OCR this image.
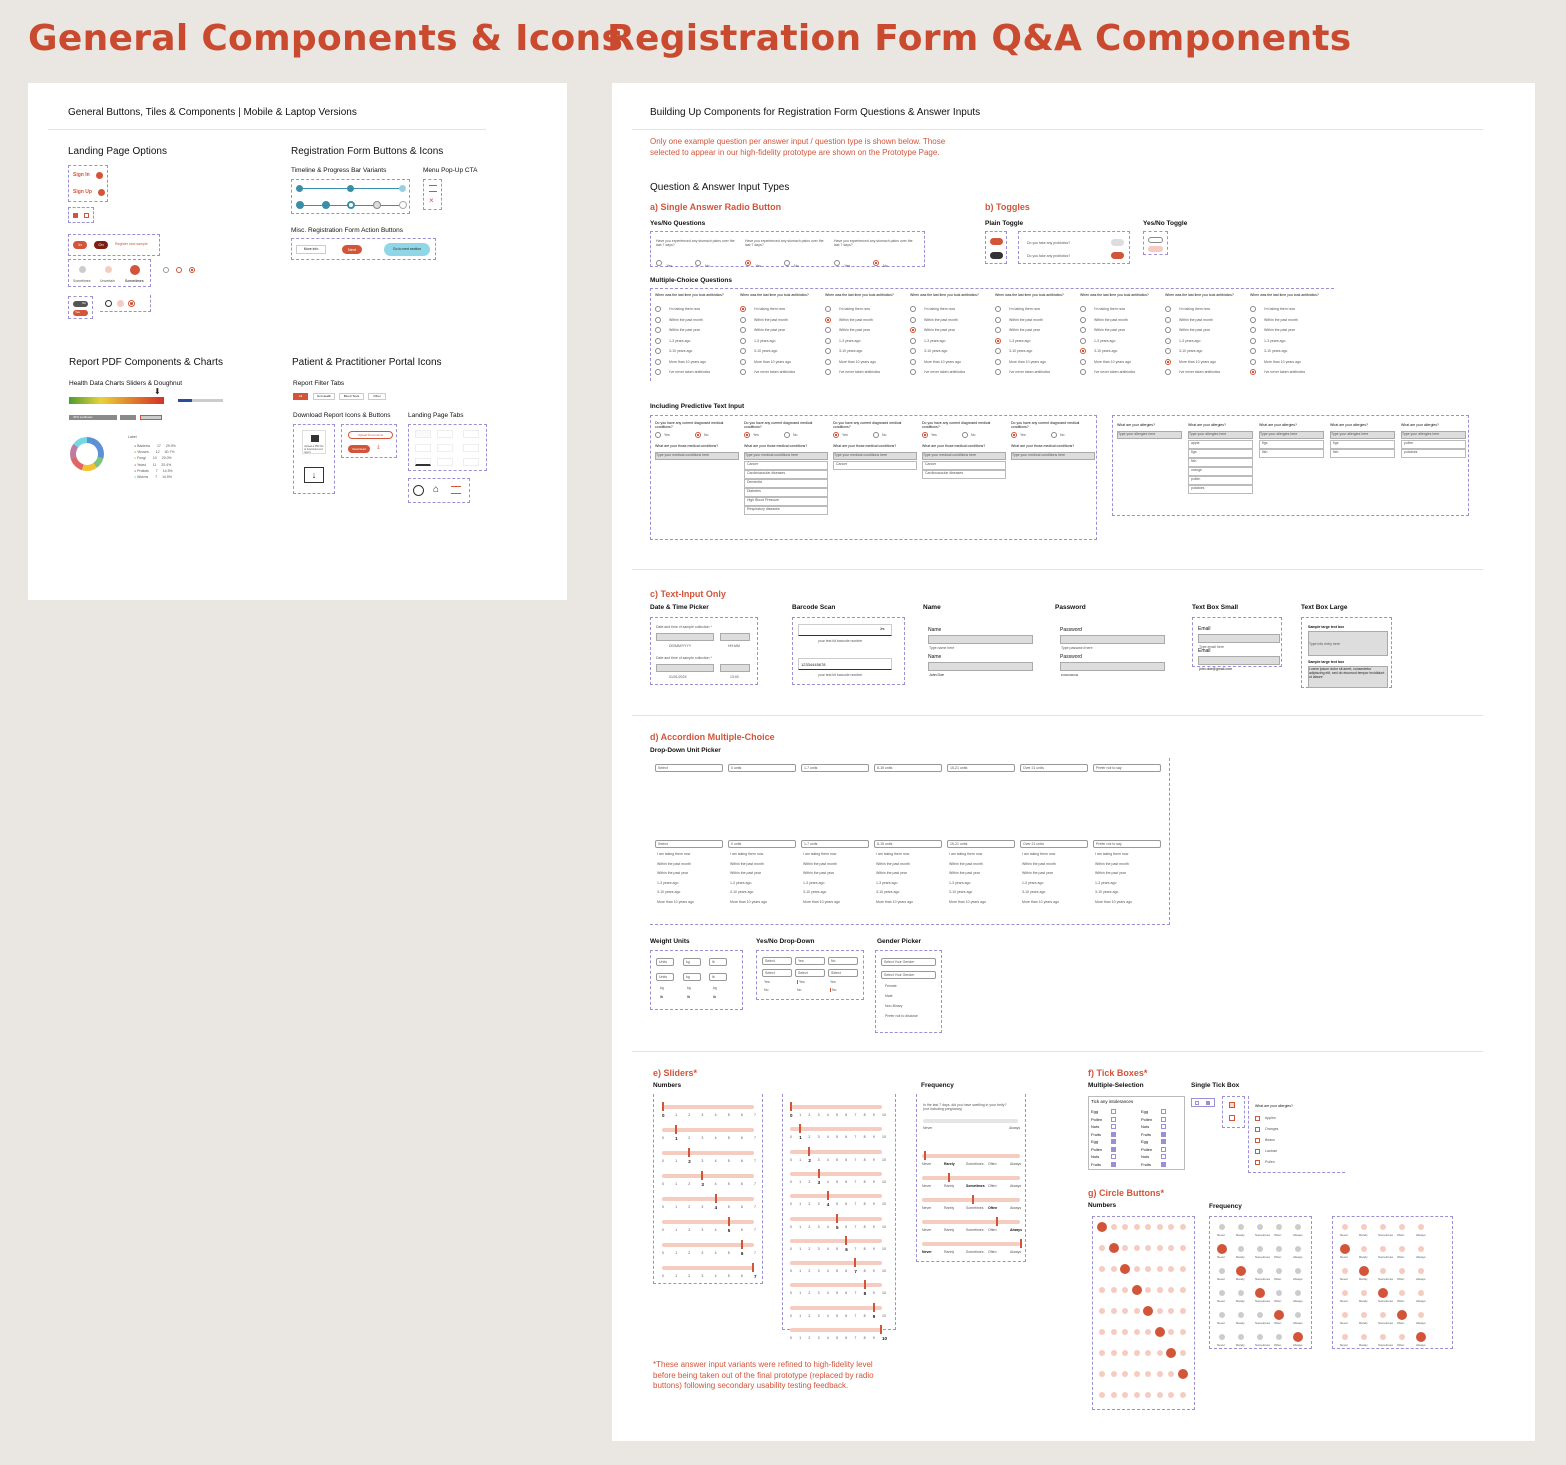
General Components & Icons
Registration Form Q&A Components
General Buttons, Tiles & Components | Mobile & Laptop Versions
Landing Page Options
Sign In
Sign Up
In	On	Register new sample
Sometimes	Uncertain	Sometimes
No
Yes
Registration Form Buttons & Icons
Timeline & Progress Bar Variants	Menu Pop-Up CTA
×
Misc. Registration Form Action Buttons
More info	Next	Go to next section
Report PDF Components & Charts
Health Data Charts Sliders & Doughnut
⬇
40% sunflower
Label
● Bacteria 17 29.0%
● Viruses 12 40.7%
● Fungi 10 20.0%
● Yeast 11 20.4%
● Protists 7 14.5%
● Worms 7 14.5%
Patient & Practitioner Portal Icons
Report Filter Tabs
All	Gut Health	Blood Tests	Other
Download Report Icons & Buttons	Landing Page Tabs
Upload a PDF file to download your report
↓
Upload Documents
Download	⤓
⌂
Building Up Components for Registration Form Questions & Answer Inputs
Only one example question per answer input / question type is shown below. Those selected to appear in our high-fidelity prototype are shown on the Prototype Page.
Question & Answer Input Types
a) Single Answer Radio Button
Yes/No Questions
Have you experienced any stomach pains over the last 7 days?
Yes	No
Have you experienced any stomach pains over the last 7 days?
Yes	No
Have you experienced any stomach pains over the last 7 days?
Yes	No
b) Toggles
Plain Toggle	Yes/No Toggle
Do you take any probiotics?
Do you take any probiotics?
Multiple-Choice Questions
Including Predictive Text Input
c) Text-Input Only
Date & Time Picker	Barcode Scan	Name	Password	Text Box Small	Text Box Large
Date and time of sample collection *
DD/MM/YYYY	HH:MM
Date and time of sample collection *
01/01/2024	13:00
✂
your test kit barcode number
12334445678
your test kit barcode number
Name
Type name here
Name
John Doe
Password
Type password here
Password
••••••••••••••
Email
Type email here
Email
john.doe@gmail.com
Sample large text box
Type info entry here
Sample large text box
Lorem ipsum dolor sit amet, consectetur adipiscing elit, sed do eiusmod tempor incididunt ut labore
d) Accordion Multiple-Choice
Drop-Down Unit Picker
Weight Units	Yes/No Drop-Down	Gender Picker
Units	kg	lb
Units	kg	lb
kg	kg	kg
lb	lb	lb
Select	Yes	No
Select	Select	Select
Yes	Yes	Yes
No	No	No
Select Your Gender
Select Your Gender
Female
Male
Non-Binary
Prefer not to disclose
e) Sliders*
Numbers	Frequency
In the last 7 days, did you have swelling in your belly? (not including pregnancy)
Never	Always
*These answer input variants were refined to high-fidelity level before being taken out of the final prototype (replaced by radio buttons) following secondary usability testing feedback.
f) Tick Boxes*
Multiple-Selection	Single Tick Box
Tick any intolerances
Egg
Pollen
Nuts
Fruits
Egg
Pollen
Nuts
Fruits
Egg
Pollen
Nuts
Fruits
Egg
Pollen
Nuts
Fruits
What are your allergies?
Apples
Oranges
Beans
Lactose
Pollen
g) Circle Buttons*
Numbers	Frequency
When was the last time you took antibiotics?
I'm taking them now
Within the past month
Within the past year
1-3 years ago
3-10 years ago
More than 10 years ago
I've never taken antibiotics
When was the last time you took antibiotics?
I'm taking them now
Within the past month
Within the past year
1-3 years ago
3-10 years ago
More than 10 years ago
I've never taken antibiotics
When was the last time you took antibiotics?
I'm taking them now
Within the past month
Within the past year
1-3 years ago
3-10 years ago
More than 10 years ago
I've never taken antibiotics
When was the last time you took antibiotics?
I'm taking them now
Within the past month
Within the past year
1-3 years ago
3-10 years ago
More than 10 years ago
I've never taken antibiotics
When was the last time you took antibiotics?
I'm taking them now
Within the past month
Within the past year
1-3 years ago
3-10 years ago
More than 10 years ago
I've never taken antibiotics
When was the last time you took antibiotics?
I'm taking them now
Within the past month
Within the past year
1-3 years ago
3-10 years ago
More than 10 years ago
I've never taken antibiotics
When was the last time you took antibiotics?
I'm taking them now
Within the past month
Within the past year
1-3 years ago
3-10 years ago
More than 10 years ago
I've never taken antibiotics
When was the last time you took antibiotics?
I'm taking them now
Within the past month
Within the past year
1-3 years ago
3-10 years ago
More than 10 years ago
I've never taken antibiotics
Do you have any current diagnosed medical conditions?
Yes	No
What are your those medical conditions?
Type your medical conditions here
Do you have any current diagnosed medical conditions?
Yes	No
What are your those medical conditions?
Type your medical conditions here
Cancer
Cardiovascular diseases
Dementia
Diabetes
High Blood Pressure
Respiratory diseases
Do you have any current diagnosed medical conditions?
Yes	No
What are your those medical conditions?
Type your medical conditions here
Cancer
Do you have any current diagnosed medical conditions?
Yes	No
What are your those medical conditions?
Type your medical conditions here
Cancer
Cardiovascular diseases
Do you have any current diagnosed medical conditions?
Yes	No
What are your those medical conditions?
Type your medical conditions here
What are your allergies?
Type your allergies here
What are your allergies?
Type your allergies here
apple
figs
fish
orange
pollen
potatoes
What are your allergies?
Type your allergies here
figs
fish
What are your allergies?
Type your allergies here
figs
fish
What are your allergies?
Type your allergies here
pollen
potatoes
Select
Select
I am taking them now
Within the past month
Within the past year
1-3 years ago
3-10 years ago
More than 10 years ago
0 units
0 units
I am taking them now
Within the past month
Within the past year
1-3 years ago
3-10 years ago
More than 10 years ago
1-7 units
1-7 units
I am taking them now
Within the past month
Within the past year
1-3 years ago
3-10 years ago
More than 10 years ago
8-15 units
8-15 units
I am taking them now
Within the past month
Within the past year
1-3 years ago
3-10 years ago
More than 10 years ago
15-21 units
15-21 units
I am taking them now
Within the past month
Within the past year
1-3 years ago
3-10 years ago
More than 10 years ago
Over 21 units
Over 21 units
I am taking them now
Within the past month
Within the past year
1-3 years ago
3-10 years ago
More than 10 years ago
Prefer not to say
Prefer not to say
I am taking them now
Within the past month
Within the past year
1-3 years ago
3-10 years ago
More than 10 years ago
0	1	2	3	4	5	6	7
0 1	2	3	4	5	6	7
0	1 2	3	4	5	6	7
0	1	2 3	4	5	6	7
0	1	2	3 4	5	6	7
0	1	2	3	4 5	6	7
0	1	2	3	4	5 6	7
0	1	2	3	4	5	6 7
0 1 2 3 4 5 6 7 8 9 10
0 1 2 3 4 5 6 7 8 9 10
0 1 2 3 4 5 6 7 8 9 10
0 1 2 3 4 5 6 7 8 9 10
0 1 2 3 4 5 6 7 8 9 10
0 1 2 3 4 5 6 7 8 9 10
0 1 2 3 4 5 6 7 8 9 10
0 1 2 3 4 5 6 7 8 9 10
0 1 2 3 4 5 6 7 8 9 10
0 1 2 3 4 5 6 7 8 9 10
0 1 2 3 4 5 6 7 8 9 10
Never	Rarely	Sometimes Often	Always
Never	Rarely	Sometimes Often	Always
Never	Rarely	Sometimes Often	Always
Never	Rarely	Sometimes Often	Always
Never	Rarely	Sometimes Often	Always
Never	Rarely	Sometimes Often	Always
Never	Rarely	Sometimes Often	Always
Never	Rarely	Sometimes Often	Always
Never	Rarely	Sometimes Often	Always
Never	Rarely	Sometimes Often	Always
Never	Rarely	Sometimes Often	Always
Never	Rarely	Sometimes Often	Always
Never	Rarely	Sometimes Often	Always
Never	Rarely	Sometimes Often	Always
Never	Rarely	Sometimes Often	Always
Never	Rarely	Sometimes Often	Always
Never	Rarely	Sometimes Often	Always
